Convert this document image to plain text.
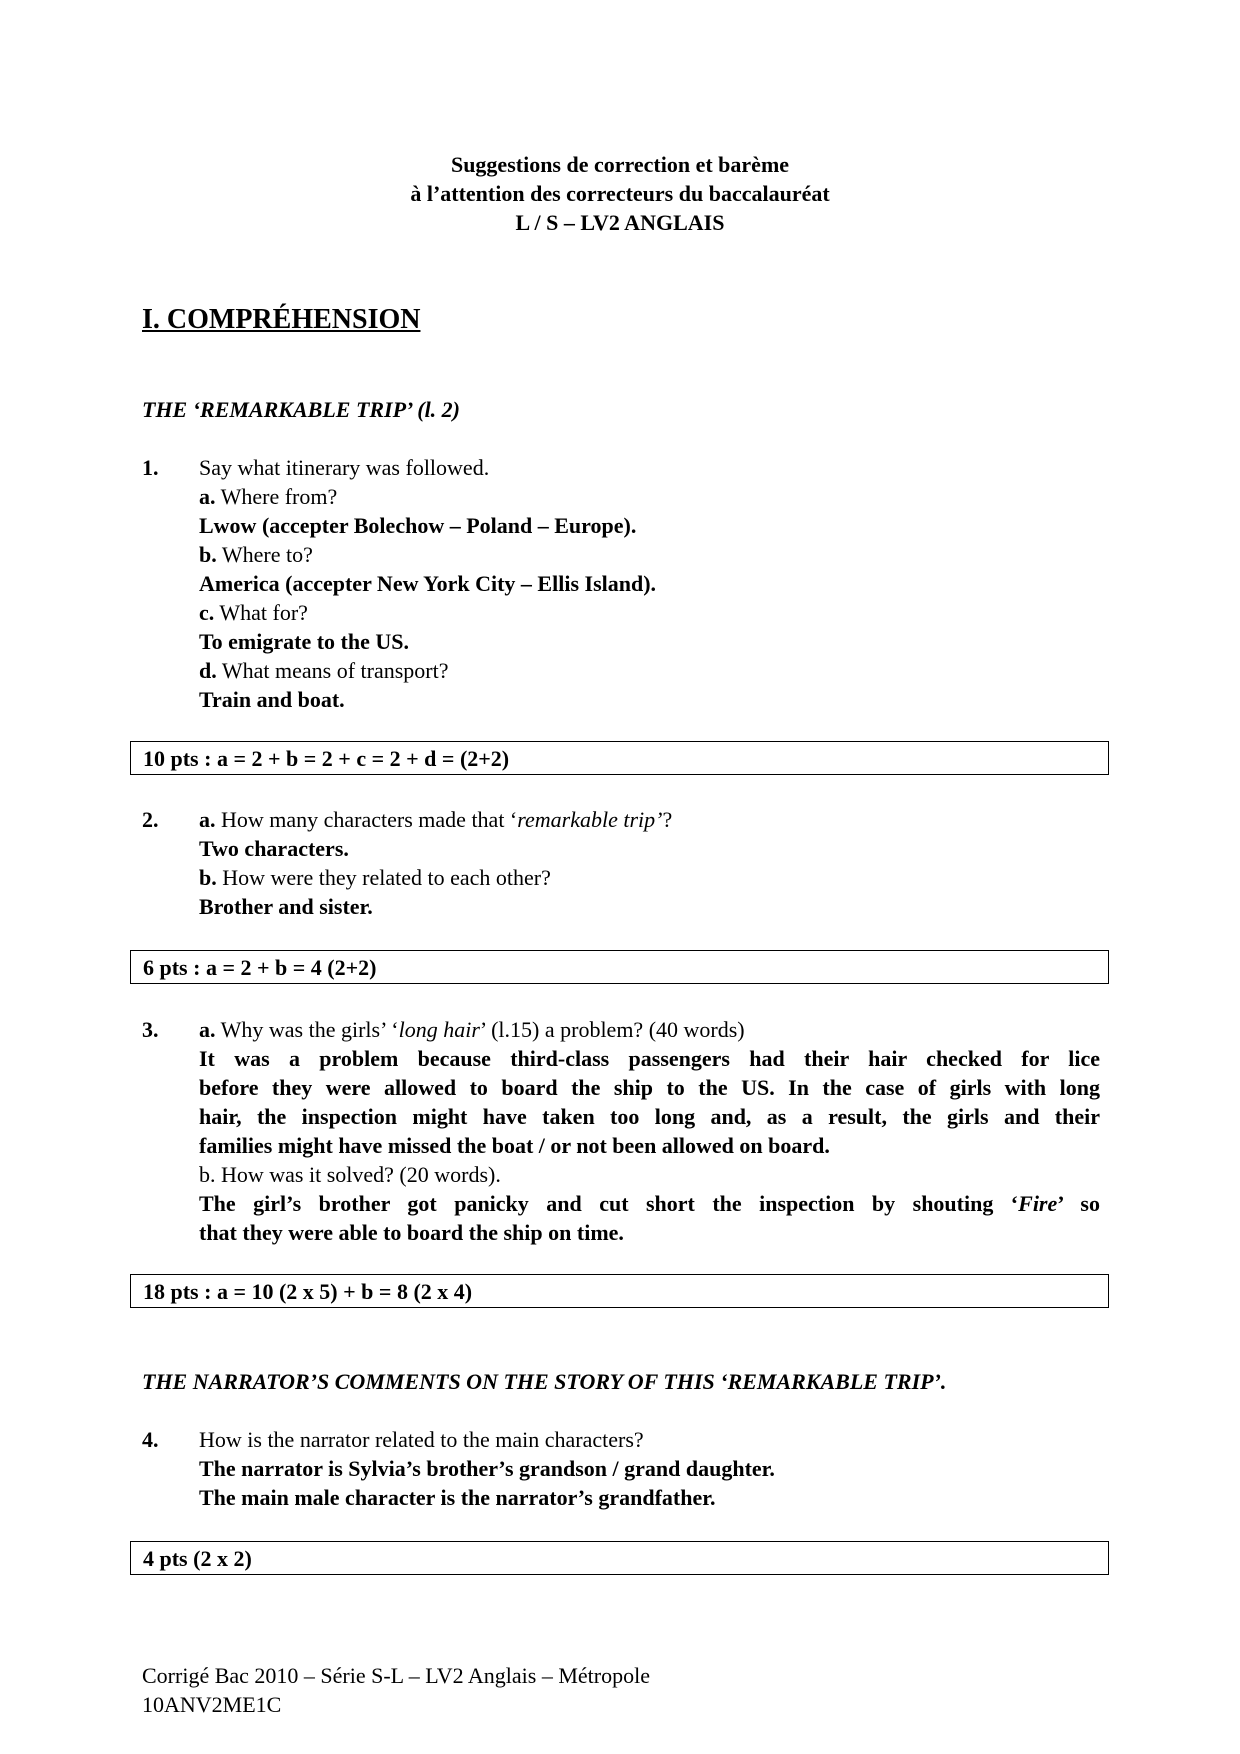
Suggestions de correction et barème
à l’attention des correcteurs du baccalauréat
L / S – LV2 ANGLAIS
I. COMPRÉHENSION
THE ‘REMARKABLE TRIP’ (l. 2)
1. Say what itinerary was followed.
a. Where from?
Lwow (accepter Bolechow – Poland – Europe).
b. Where to?
America (accepter New York City – Ellis Island).
c. What for?
To emigrate to the US.
d. What means of transport?
Train and boat.
10 pts : a = 2 + b = 2 + c = 2 + d = (2+2)
2. a. How many characters made that ‘remarkable trip’?
Two characters.
b. How were they related to each other?
Brother and sister.
6 pts : a = 2 + b = 4 (2+2)
3. a. Why was the girls’ ‘long hair’ (l.15) a problem? (40 words)
It was a problem because third-class passengers had their hair checked for lice
before they were allowed to board the ship to the US. In the case of girls with long
hair, the inspection might have taken too long and, as a result, the girls and their
families might have missed the boat / or not been allowed on board.
b. How was it solved? (20 words).
The girl’s brother got panicky and cut short the inspection by shouting ‘Fire’ so
that they were able to board the ship on time.
18 pts : a = 10 (2 x 5) + b = 8 (2 x 4)
THE NARRATOR’S COMMENTS ON THE STORY OF THIS ‘REMARKABLE TRIP’.
4. How is the narrator related to the main characters?
The narrator is Sylvia’s brother’s grandson / grand daughter.
The main male character is the narrator’s grandfather.
4 pts (2 x 2)
Corrigé Bac 2010 – Série S-L – LV2 Anglais – Métropole
10ANV2ME1C
